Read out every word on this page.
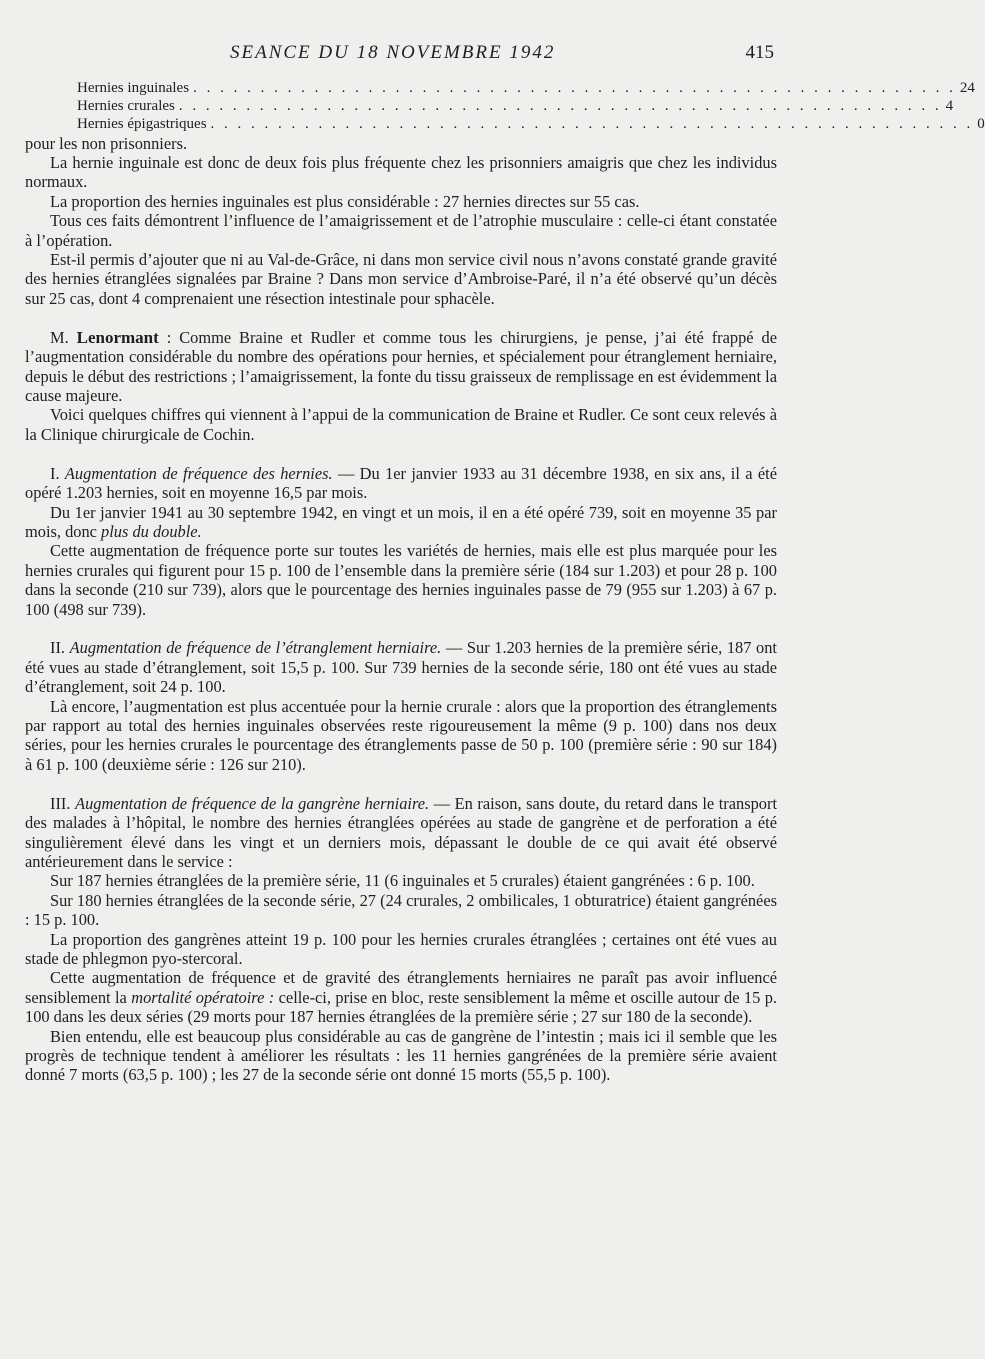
SEANCE DU 18 NOVEMBRE 1942	415
Hernies inguinales . . . . . . . . . . . . . . . . . . . . . . . . . . . . . . . . . . . . . . . . . . . . . . . . . . . . . . . . . 24
Hernies crurales . . . . . . . . . . . . . . . . . . . . . . . . . . . . . . . . . . . . . . . . . . . . . . . . . . . . . . . . . 4
Hernies épigastriques . . . . . . . . . . . . . . . . . . . . . . . . . . . . . . . . . . . . . . . . . . . . . . . . . . . . . . . . . 0

pour les non prisonniers.

La hernie inguinale est donc de deux fois plus fréquente chez les prisonniers amaigris que chez les individus normaux.

La proportion des hernies inguinales est plus considérable : 27 hernies directes sur 55 cas.

Tous ces faits démontrent l’influence de l’amaigrissement et de l’atrophie musculaire : celle-ci étant constatée à l’opération.

Est-il permis d’ajouter que ni au Val-de-Grâce, ni dans mon service civil nous n’avons constaté grande gravité des hernies étranglées signalées par Braine ? Dans mon service d’Ambroise-Paré, il n’a été observé qu’un décès sur 25 cas, dont 4 comprenaient une résection intestinale pour sphacèle.

M. Lenormant : Comme Braine et Rudler et comme tous les chirurgiens, je pense, j’ai été frappé de l’augmentation considérable du nombre des opérations pour hernies, et spécialement pour étranglement herniaire, depuis le début des restrictions ; l’amaigrissement, la fonte du tissu graisseux de remplissage en est évidemment la cause majeure.

Voici quelques chiffres qui viennent à l’appui de la communication de Braine et Rudler. Ce sont ceux relevés à la Clinique chirurgicale de Cochin.

I. Augmentation de fréquence des hernies. — Du 1er janvier 1933 au 31 décembre 1938, en six ans, il a été opéré 1.203 hernies, soit en moyenne 16,5 par mois.

Du 1er janvier 1941 au 30 septembre 1942, en vingt et un mois, il en a été opéré 739, soit en moyenne 35 par mois, donc plus du double.

Cette augmentation de fréquence porte sur toutes les variétés de hernies, mais elle est plus marquée pour les hernies crurales qui figurent pour 15 p. 100 de l’ensemble dans la première série (184 sur 1.203) et pour 28 p. 100 dans la seconde (210 sur 739), alors que le pourcentage des hernies inguinales passe de 79 (955 sur 1.203) à 67 p. 100 (498 sur 739).

II. Augmentation de fréquence de l’étranglement herniaire. — Sur 1.203 hernies de la première série, 187 ont été vues au stade d’étranglement, soit 15,5 p. 100. Sur 739 hernies de la seconde série, 180 ont été vues au stade d’étranglement, soit 24 p. 100.

Là encore, l’augmentation est plus accentuée pour la hernie crurale : alors que la proportion des étranglements par rapport au total des hernies inguinales observées reste rigoureusement la même (9 p. 100) dans nos deux séries, pour les hernies crurales le pourcentage des étranglements passe de 50 p. 100 (première série : 90 sur 184) à 61 p. 100 (deuxième série : 126 sur 210).

III. Augmentation de fréquence de la gangrène herniaire. — En raison, sans doute, du retard dans le transport des malades à l’hôpital, le nombre des hernies étranglées opérées au stade de gangrène et de perforation a été singulièrement élevé dans les vingt et un derniers mois, dépassant le double de ce qui avait été observé antérieurement dans le service :

Sur 187 hernies étranglées de la première série, 11 (6 inguinales et 5 crurales) étaient gangrénées : 6 p. 100.

Sur 180 hernies étranglées de la seconde série, 27 (24 crurales, 2 ombilicales, 1 obturatrice) étaient gangrénées : 15 p. 100.

La proportion des gangrènes atteint 19 p. 100 pour les hernies crurales étranglées ; certaines ont été vues au stade de phlegmon pyo-stercoral.

Cette augmentation de fréquence et de gravité des étranglements herniaires ne paraît pas avoir influencé sensiblement la mortalité opératoire : celle-ci, prise en bloc, reste sensiblement la même et oscille autour de 15 p. 100 dans les deux séries (29 morts pour 187 hernies étranglées de la première série ; 27 sur 180 de la seconde).

Bien entendu, elle est beaucoup plus considérable au cas de gangrène de l’intestin ; mais ici il semble que les progrès de technique tendent à améliorer les résultats : les 11 hernies gangrénées de la première série avaient donné 7 morts (63,5 p. 100) ; les 27 de la seconde série ont donné 15 morts (55,5 p. 100).
